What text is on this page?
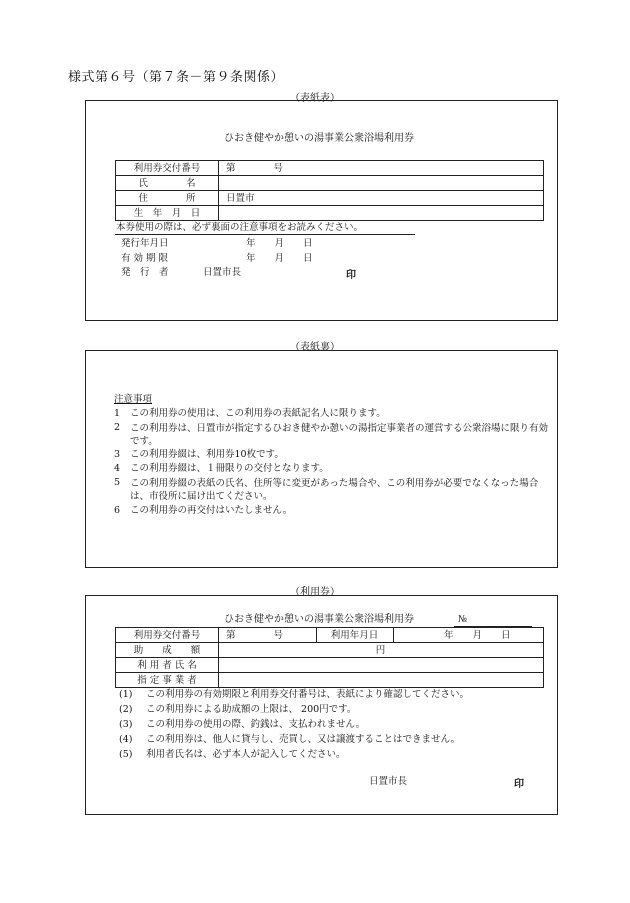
様式第６号（第７条－第９条関係）
（表紙表）
ひおき健やか憩いの湯事業公衆浴場利用券
利用券交付番号	第　　　　号
氏　　　　名
住　　　　所	日置市
生　年　月　日
本券使用の際は、必ず裏面の注意事項をお読みください。
発行年月日	年　　月　　日
有 効 期 限	年　　月　　日
発　行　者	日置市長	印
（表紙裏）
注意事項
1 この利用券の使用は、この利用券の表紙記名人に限ります。
2 この利用券は、日置市が指定するひおき健やか憩いの湯指定事業者の運営する公衆浴場に限り有効です。
3 この利用券綴は、利用券10枚です。
4 この利用券綴は、１冊限りの交付となります。
5 この利用券綴の表紙の氏名、住所等に変更があった場合や、この利用券が必要でなくなった場合は、市役所に届け出てください。
6 この利用券の再交付はいたしません。
（利用券）
ひおき健やか憩いの湯事業公衆浴場利用券	№
利用券交付番号	第　　　　号	利用年月日	年　　月　　日
助　　成　　額	円
利 用 者 氏 名
指 定 事 業 者
(1) この利用券の有効期限と利用券交付番号は、表紙により確認してください。
(2) この利用券による助成額の上限は、 200円です。
(3) この利用券の使用の際、釣銭は、支払われません。
(4) この利用券は、他人に貸与し、売買し、又は譲渡することはできません。
(5) 利用者氏名は、必ず本人が記入してください。
日置市長	印
